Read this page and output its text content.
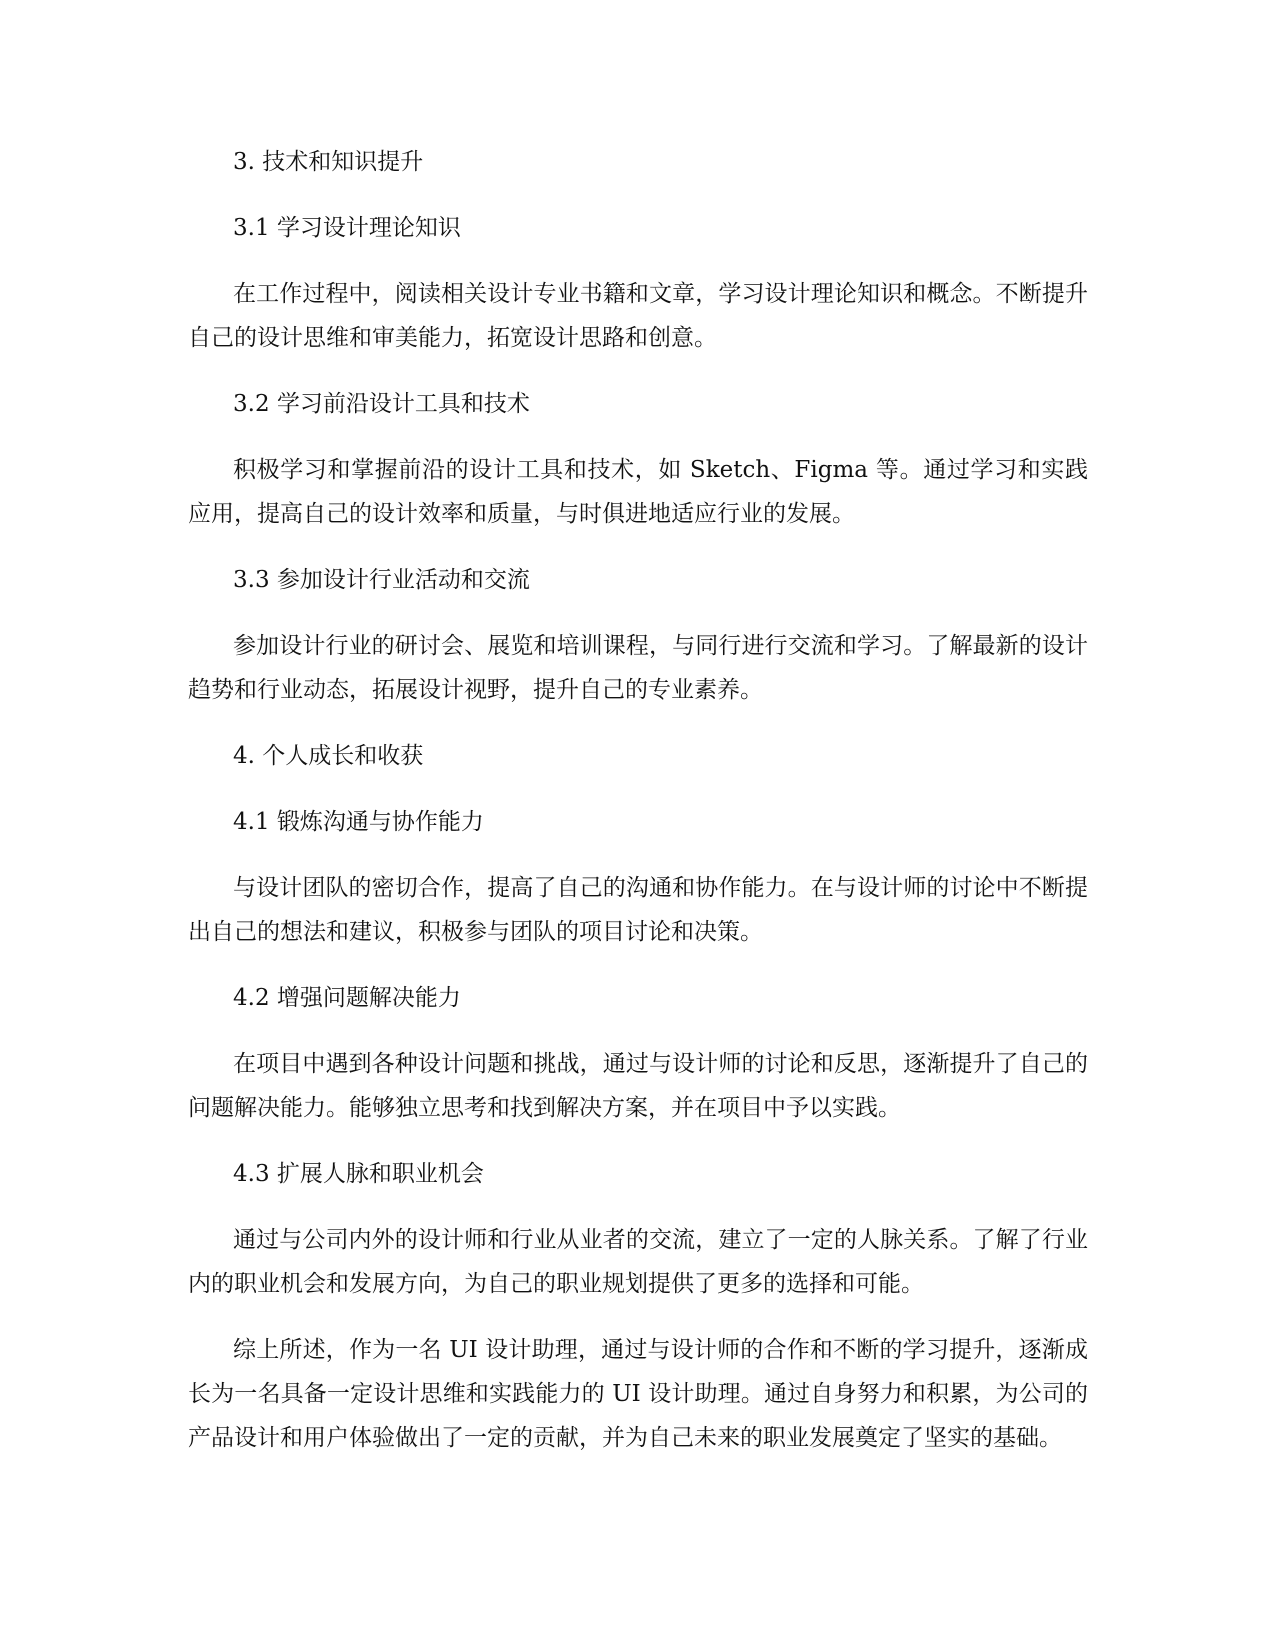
3. 技术和知识提升

3.1 学习设计理论知识

在工作过程中，阅读相关设计专业书籍和文章，学习设计理论知识和概念。不断提升自己的设计思维和审美能力，拓宽设计思路和创意。

3.2 学习前沿设计工具和技术

积极学习和掌握前沿的设计工具和技术，如 Sketch、Figma 等。通过学习和实践应用，提高自己的设计效率和质量，与时俱进地适应行业的发展。

3.3 参加设计行业活动和交流

参加设计行业的研讨会、展览和培训课程，与同行进行交流和学习。了解最新的设计趋势和行业动态，拓展设计视野，提升自己的专业素养。

4. 个人成长和收获

4.1 锻炼沟通与协作能力

与设计团队的密切合作，提高了自己的沟通和协作能力。在与设计师的讨论中不断提出自己的想法和建议，积极参与团队的项目讨论和决策。

4.2 增强问题解决能力

在项目中遇到各种设计问题和挑战，通过与设计师的讨论和反思，逐渐提升了自己的问题解决能力。能够独立思考和找到解决方案，并在项目中予以实践。

4.3 扩展人脉和职业机会

通过与公司内外的设计师和行业从业者的交流，建立了一定的人脉关系。了解了行业内的职业机会和发展方向，为自己的职业规划提供了更多的选择和可能。

综上所述，作为一名 UI 设计助理，通过与设计师的合作和不断的学习提升，逐渐成长为一名具备一定设计思维和实践能力的 UI 设计助理。通过自身努力和积累，为公司的产品设计和用户体验做出了一定的贡献，并为自己未来的职业发展奠定了坚实的基础。
